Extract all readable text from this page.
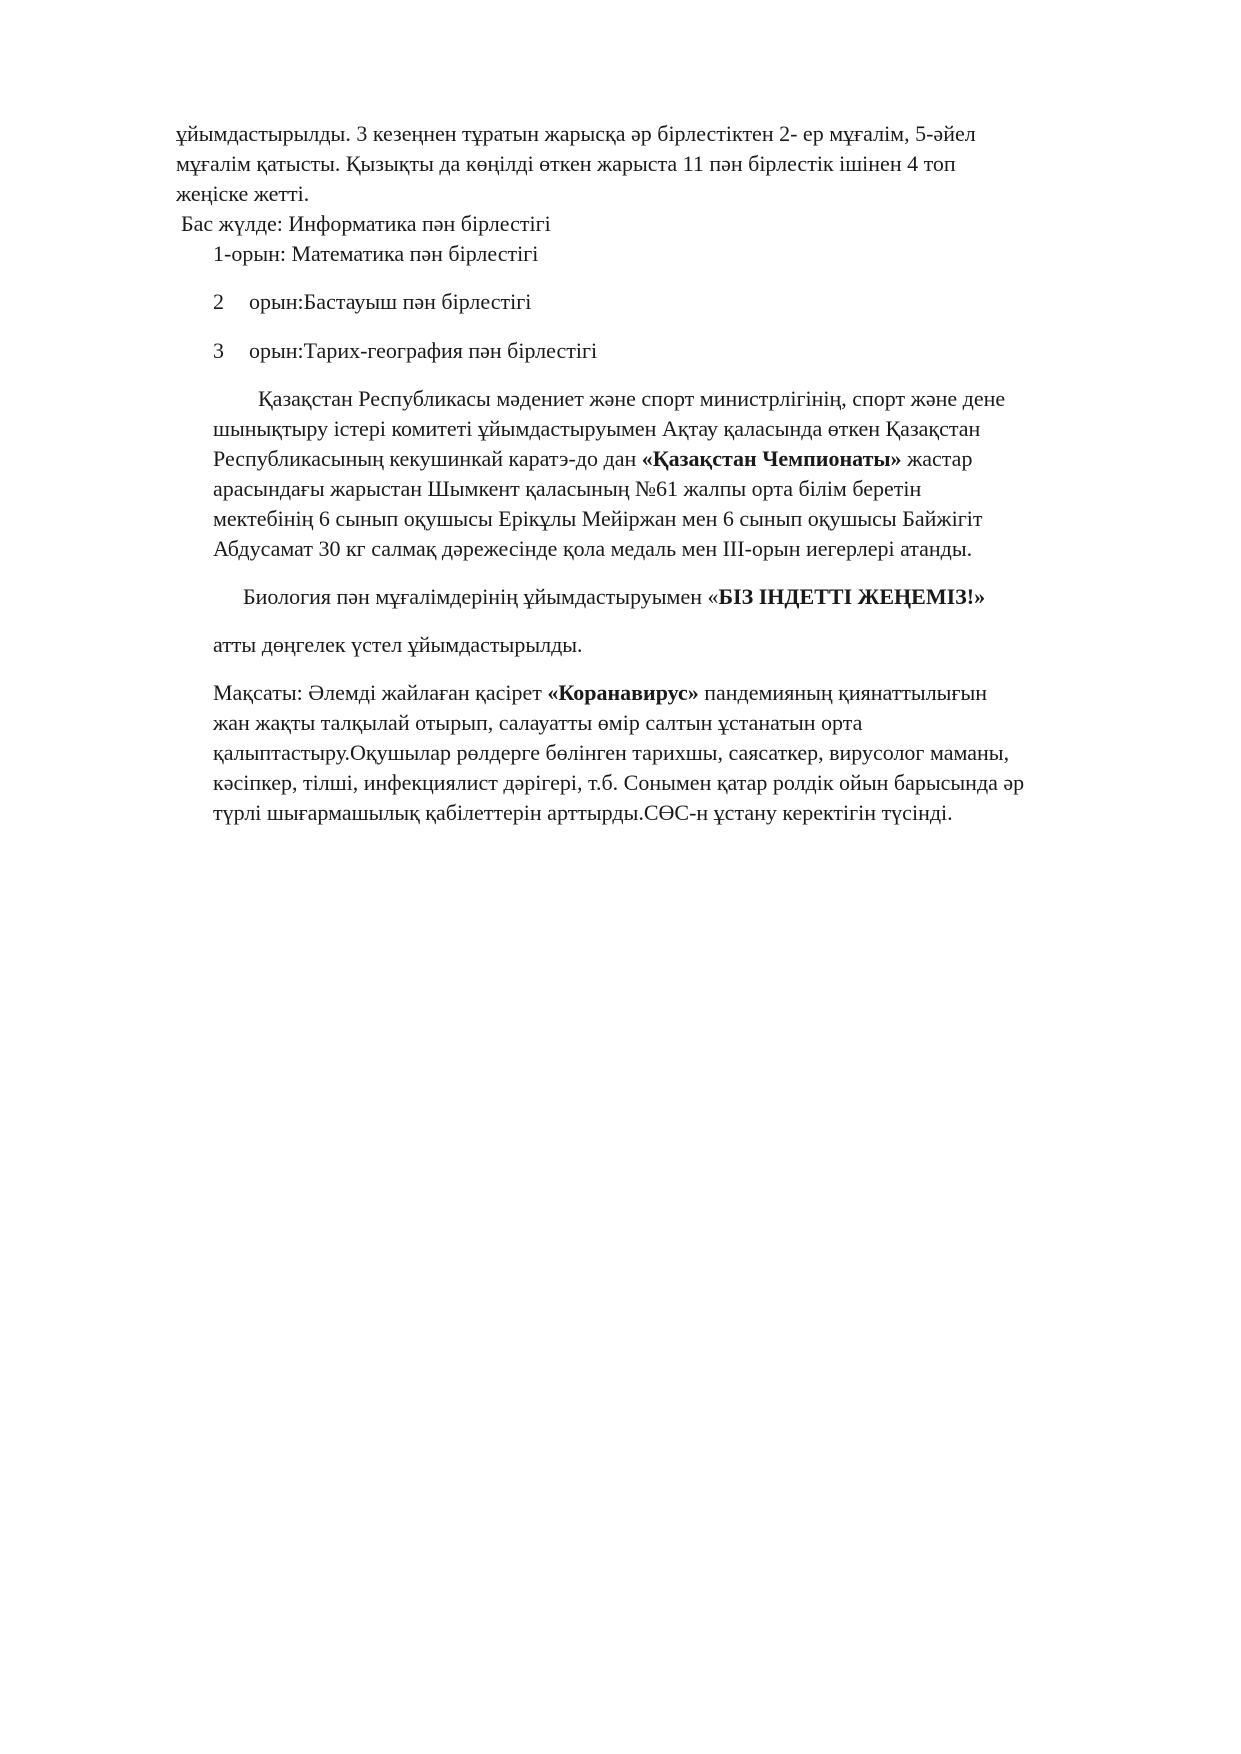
ұйымдастырылды. 3 кезеңнен тұратын жарысқа әр бірлестіктен 2- ер мұғалім, 5-әйел
мұғалім қатысты. Қызықты да көңілді өткен жарыста 11 пән бірлестік ішінен 4 топ
жеңіске жетті.
Бас жүлде: Информатика пән бірлестігі
1-орын: Математика пән бірлестігі
2 орын:Бастауыш пән бірлестігі
3 орын:Тарих-география пән бірлестігі
Қазақстан Республикасы мәдениет және спорт министрлігінің, спорт және дене
шынықтыру істері комитеті ұйымдастыруымен Ақтау қаласында өткен Қазақстан
Республикасының кекушинкай каратэ-до дан «Қазақстан Чемпионаты» жастар
арасындағы жарыстан Шымкент қаласының №61 жалпы орта білім беретін
мектебінің 6 сынып оқушысы Ерікұлы Мейіржан мен 6 сынып оқушысы Байжігіт
Абдусамат 30 кг салмақ дәрежесінде қола медаль мен ІІІ-орын иегерлері атанды.
Биология пән мұғалімдерінің ұйымдастыруымен «БІЗ ІНДЕТТІ ЖЕҢЕМІЗ!»
атты дөңгелек үстел ұйымдастырылды.
Мақсаты: Әлемді жайлаған қасірет «Коранавирус» пандемияның қиянаттылығын
жан жақты талқылай отырып, салауатты өмір салтын ұстанатын орта
қалыптастыру.Оқушылар рөлдерге бөлінген тарихшы, саясаткер, вирусолог маманы,
кәсіпкер, тілші, инфекциялист дәрігері, т.б. Сонымен қатар ролдік ойын барысында әр
түрлі шығармашылық қабілеттерін арттырды.СӨС-н ұстану керектігін түсінді.
